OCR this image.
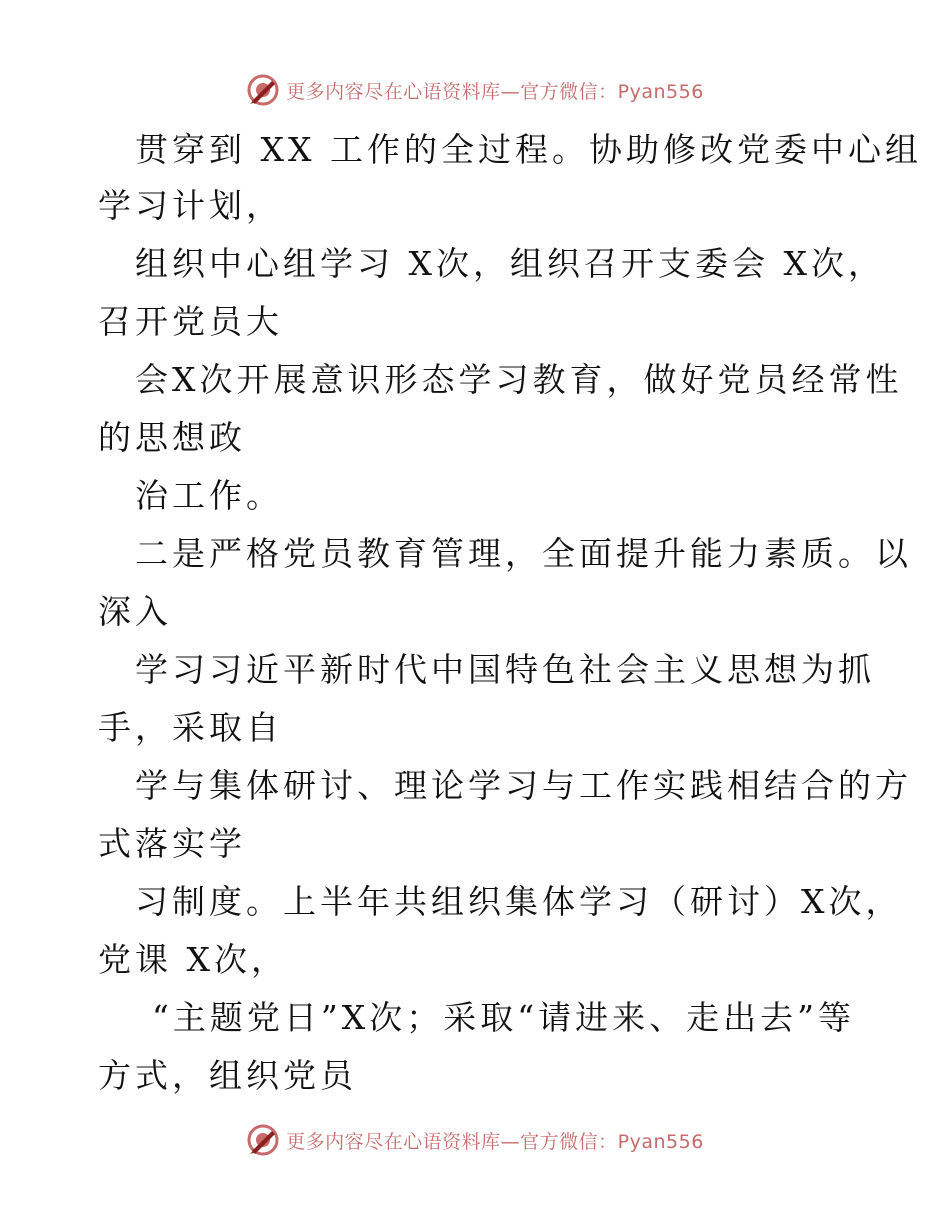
更多内容尽在心语资料库—官方微信：Pyan556
贯穿到 XX 工作的全过程。协助修改党委中心组
学习计划，
组织中心组学习 X次，组织召开支委会 X次，
召开党员大
会X次开展意识形态学习教育，做好党员经常性
的思想政
治工作。
二是严格党员教育管理，全面提升能力素质。以
深入
学习习近平新时代中国特色社会主义思想为抓
手，采取自
学与集体研讨、理论学习与工作实践相结合的方
式落实学
习制度。上半年共组织集体学习（研讨）X次，
党课 X次，
“主题党日”X次；采取“请进来、走出去”等
方式，组织党员
更多内容尽在心语资料库—官方微信：Pyan556
